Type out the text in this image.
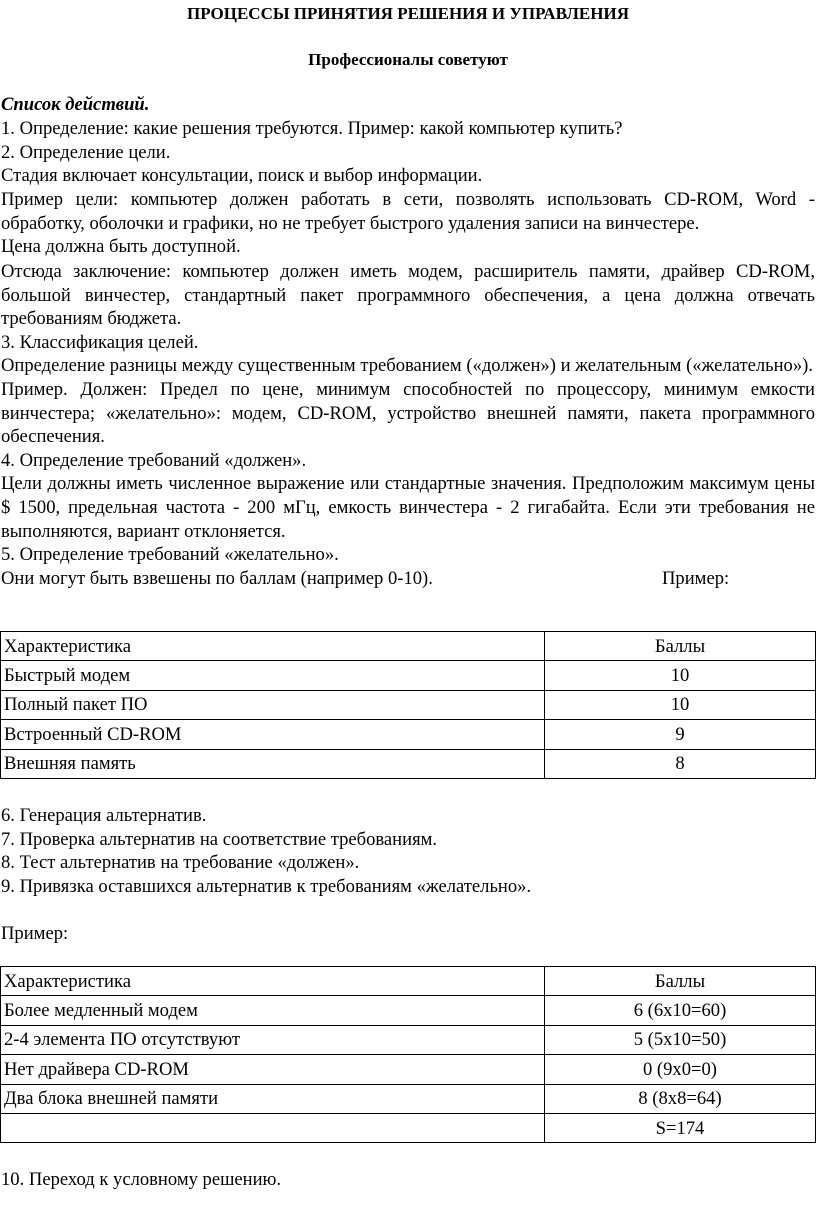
ПРОЦЕССЫ ПРИНЯТИЯ РЕШЕНИЯ И УПРАВЛЕНИЯ
Профессионалы советуют
Список действий.

1. Определение: какие решения требуются. Пример: какой компьютер купить?

2. Определение цели.

Стадия включает консультации, поиск и выбор информации.

Пример цели: компьютер должен работать в сети, позволять использовать CD-ROM, Word - обработку, оболочки и графики, но не требует быстрого удаления записи на винчестере.

Цена должна быть доступной.

Отсюда заключение: компьютер должен иметь модем, расширитель памяти, драйвер CD-ROM, большой винчестер, стандартный пакет программного обеспечения, а цена должна отвечать требованиям бюджета.

3. Классификация целей.

Определение разницы между существенным требованием («должен») и желательным («желательно»).

Пример. Должен: Предел по цене, минимум способностей по процессору, минимум емкости винчестера; «желательно»: модем, CD-ROM, устройство внешней памяти, пакета программного обеспечения.

4. Определение требований «должен».

Цели должны иметь численное выражение или стандартные значения. Предположим максимум цены $ 1500, предельная частота - 200 мГц, емкость винчестера - 2 гигабайта. Если эти требования не выполняются, вариант отклоняется.

5. Определение требований «желательно».

Они могут быть взвешены по баллам (например 0-10).	Пример:

Характеристика	Баллы
Быстрый модем	10
Полный пакет ПО	10
Встроенный CD-ROM	9
Внешняя память	8

6. Генерация альтернатив.

7. Проверка альтернатив на соответствие требованиям.

8. Тест альтернатив на требование «должен».

9. Привязка оставшихся альтернатив к требованиям «желательно».

Пример:
Характеристика	Баллы
Более медленный модем	6 (6х10=60)
2-4 элемента ПО отсутствуют	5 (5х10=50)
Нет драйвера CD-ROM	0 (9х0=0)
Два блока внешней памяти	8 (8х8=64)
	S=174
10. Переход к условному решению.
